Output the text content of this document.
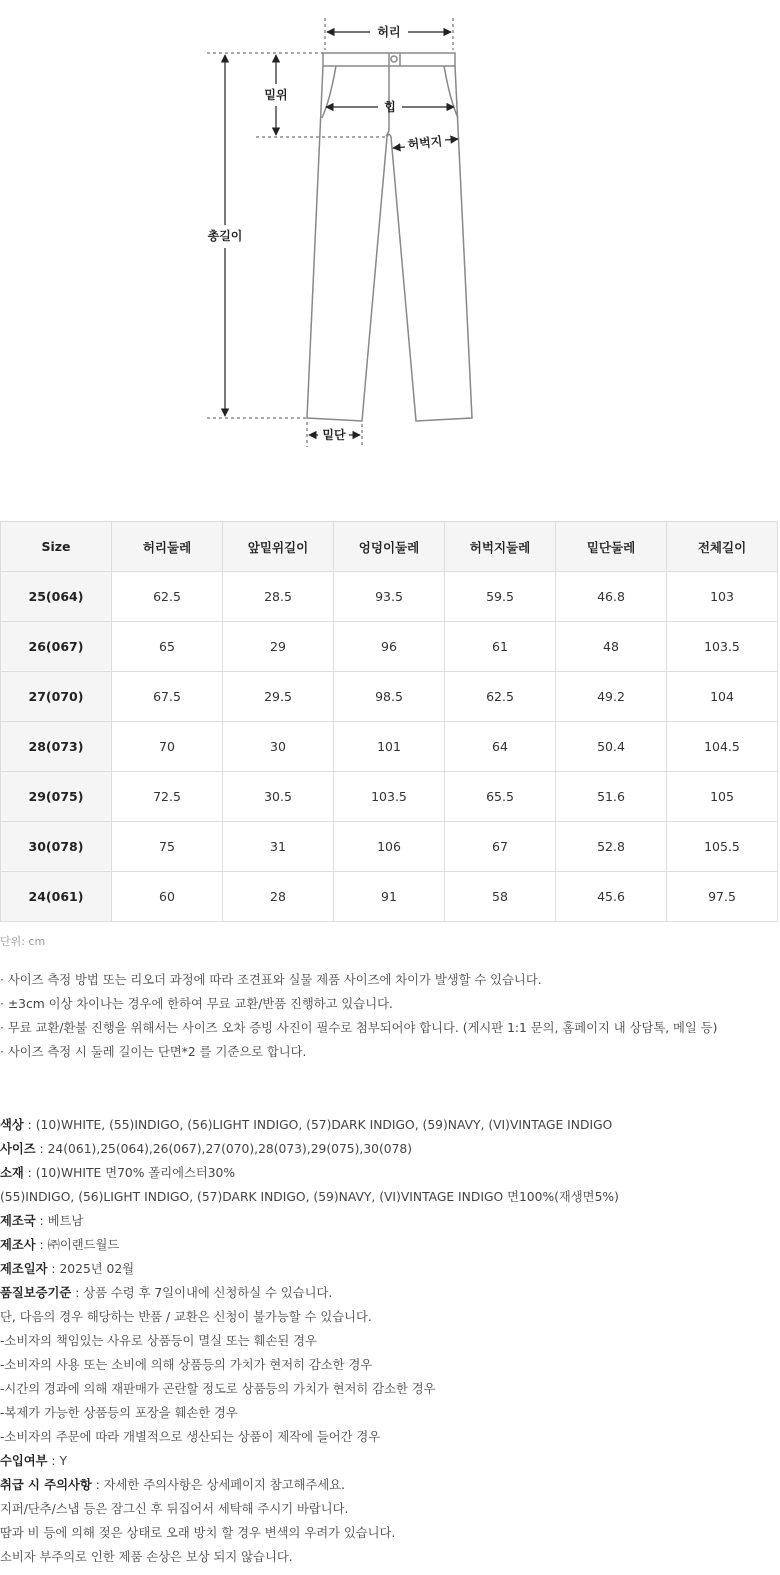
허리
밑위
힙
허벅지
총길이
밑단
Size	허리둘레	앞밑위길이	엉덩이둘레	허벅지둘레	밑단둘레	전체길이
25(064)	62.5	28.5	93.5	59.5	46.8	103
26(067)	65	29	96	61	48	103.5
27(070)	67.5	29.5	98.5	62.5	49.2	104
28(073)	70	30	101	64	50.4	104.5
29(075)	72.5	30.5	103.5	65.5	51.6	105
30(078)	75	31	106	67	52.8	105.5
24(061)	60	28	91	58	45.6	97.5
단위: cm
· 사이즈 측정 방법 또는 리오더 과정에 따라 조견표와 실물 제품 사이즈에 차이가 발생할 수 있습니다.
· ±3cm 이상 차이나는 경우에 한하여 무료 교환/반품 진행하고 있습니다.
· 무료 교환/환불 진행을 위해서는 사이즈 오차 증빙 사진이 필수로 첨부되어야 합니다. (게시판 1:1 문의, 홈페이지 내 상담톡, 메일 등)
· 사이즈 측정 시 둘레 길이는 단면*2 를 기준으로 합니다.
색상 : (10)WHITE, (55)INDIGO, (56)LIGHT INDIGO, (57)DARK INDIGO, (59)NAVY, (VI)VINTAGE INDIGO
사이즈 : 24(061),25(064),26(067),27(070),28(073),29(075),30(078)
소재 : (10)WHITE 면70% 폴리에스터30%
(55)INDIGO, (56)LIGHT INDIGO, (57)DARK INDIGO, (59)NAVY, (VI)VINTAGE INDIGO 면100%(재생면5%)
제조국 : 베트남
제조사 : ㈜이랜드월드
제조일자 : 2025년 02월
품질보증기준 : 상품 수령 후 7일이내에 신청하실 수 있습니다.
단, 다음의 경우 해당하는 반품 / 교환은 신청이 불가능할 수 있습니다.
-소비자의 책임있는 사유로 상품등이 멸실 또는 훼손된 경우
-소비자의 사용 또는 소비에 의해 상품등의 가치가 현저히 감소한 경우
-시간의 경과에 의해 재판매가 곤란할 정도로 상품등의 가치가 현저히 감소한 경우
-복제가 가능한 상품등의 포장을 훼손한 경우
-소비자의 주문에 따라 개별적으로 생산되는 상품이 제작에 들어간 경우
수입여부 : Y
취급 시 주의사항 : 자세한 주의사항은 상세페이지 참고해주세요.
지퍼/단추/스냅 등은 잠그신 후 뒤집어서 세탁해 주시기 바랍니다.
땀과 비 등에 의해 젖은 상태로 오래 방치 할 경우 변색의 우려가 있습니다.
소비자 부주의로 인한 제품 손상은 보상 되지 않습니다.
